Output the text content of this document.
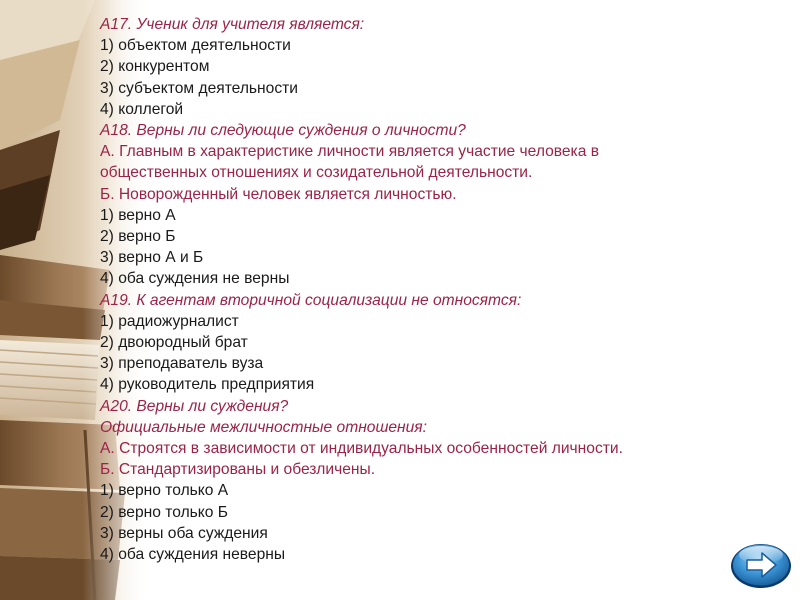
А17. Ученик для учителя является:
1) объектом деятельности
2) конкурентом
3) субъектом деятельности
4) коллегой
А18. Верны ли следующие суждения о личности?
А. Главным в характеристике личности является участие человека в
общественных отношениях и созидательной деятельности.
Б. Новорожденный человек является личностью.
1) верно А
2) верно Б
3) верно А и Б
4) оба суждения не верны
А19. К агентам вторичной социализации не относятся:
1) радиожурналист
2) двоюродный брат
3) преподаватель вуза
4) руководитель предприятия
А20. Верны ли суждения?
Официальные межличностные отношения:
А. Строятся в зависимости от индивидуальных особенностей личности.
Б. Стандартизированы и обезличены.
1) верно только А
2) верно только Б
3) верны оба суждения
4) оба суждения неверны
